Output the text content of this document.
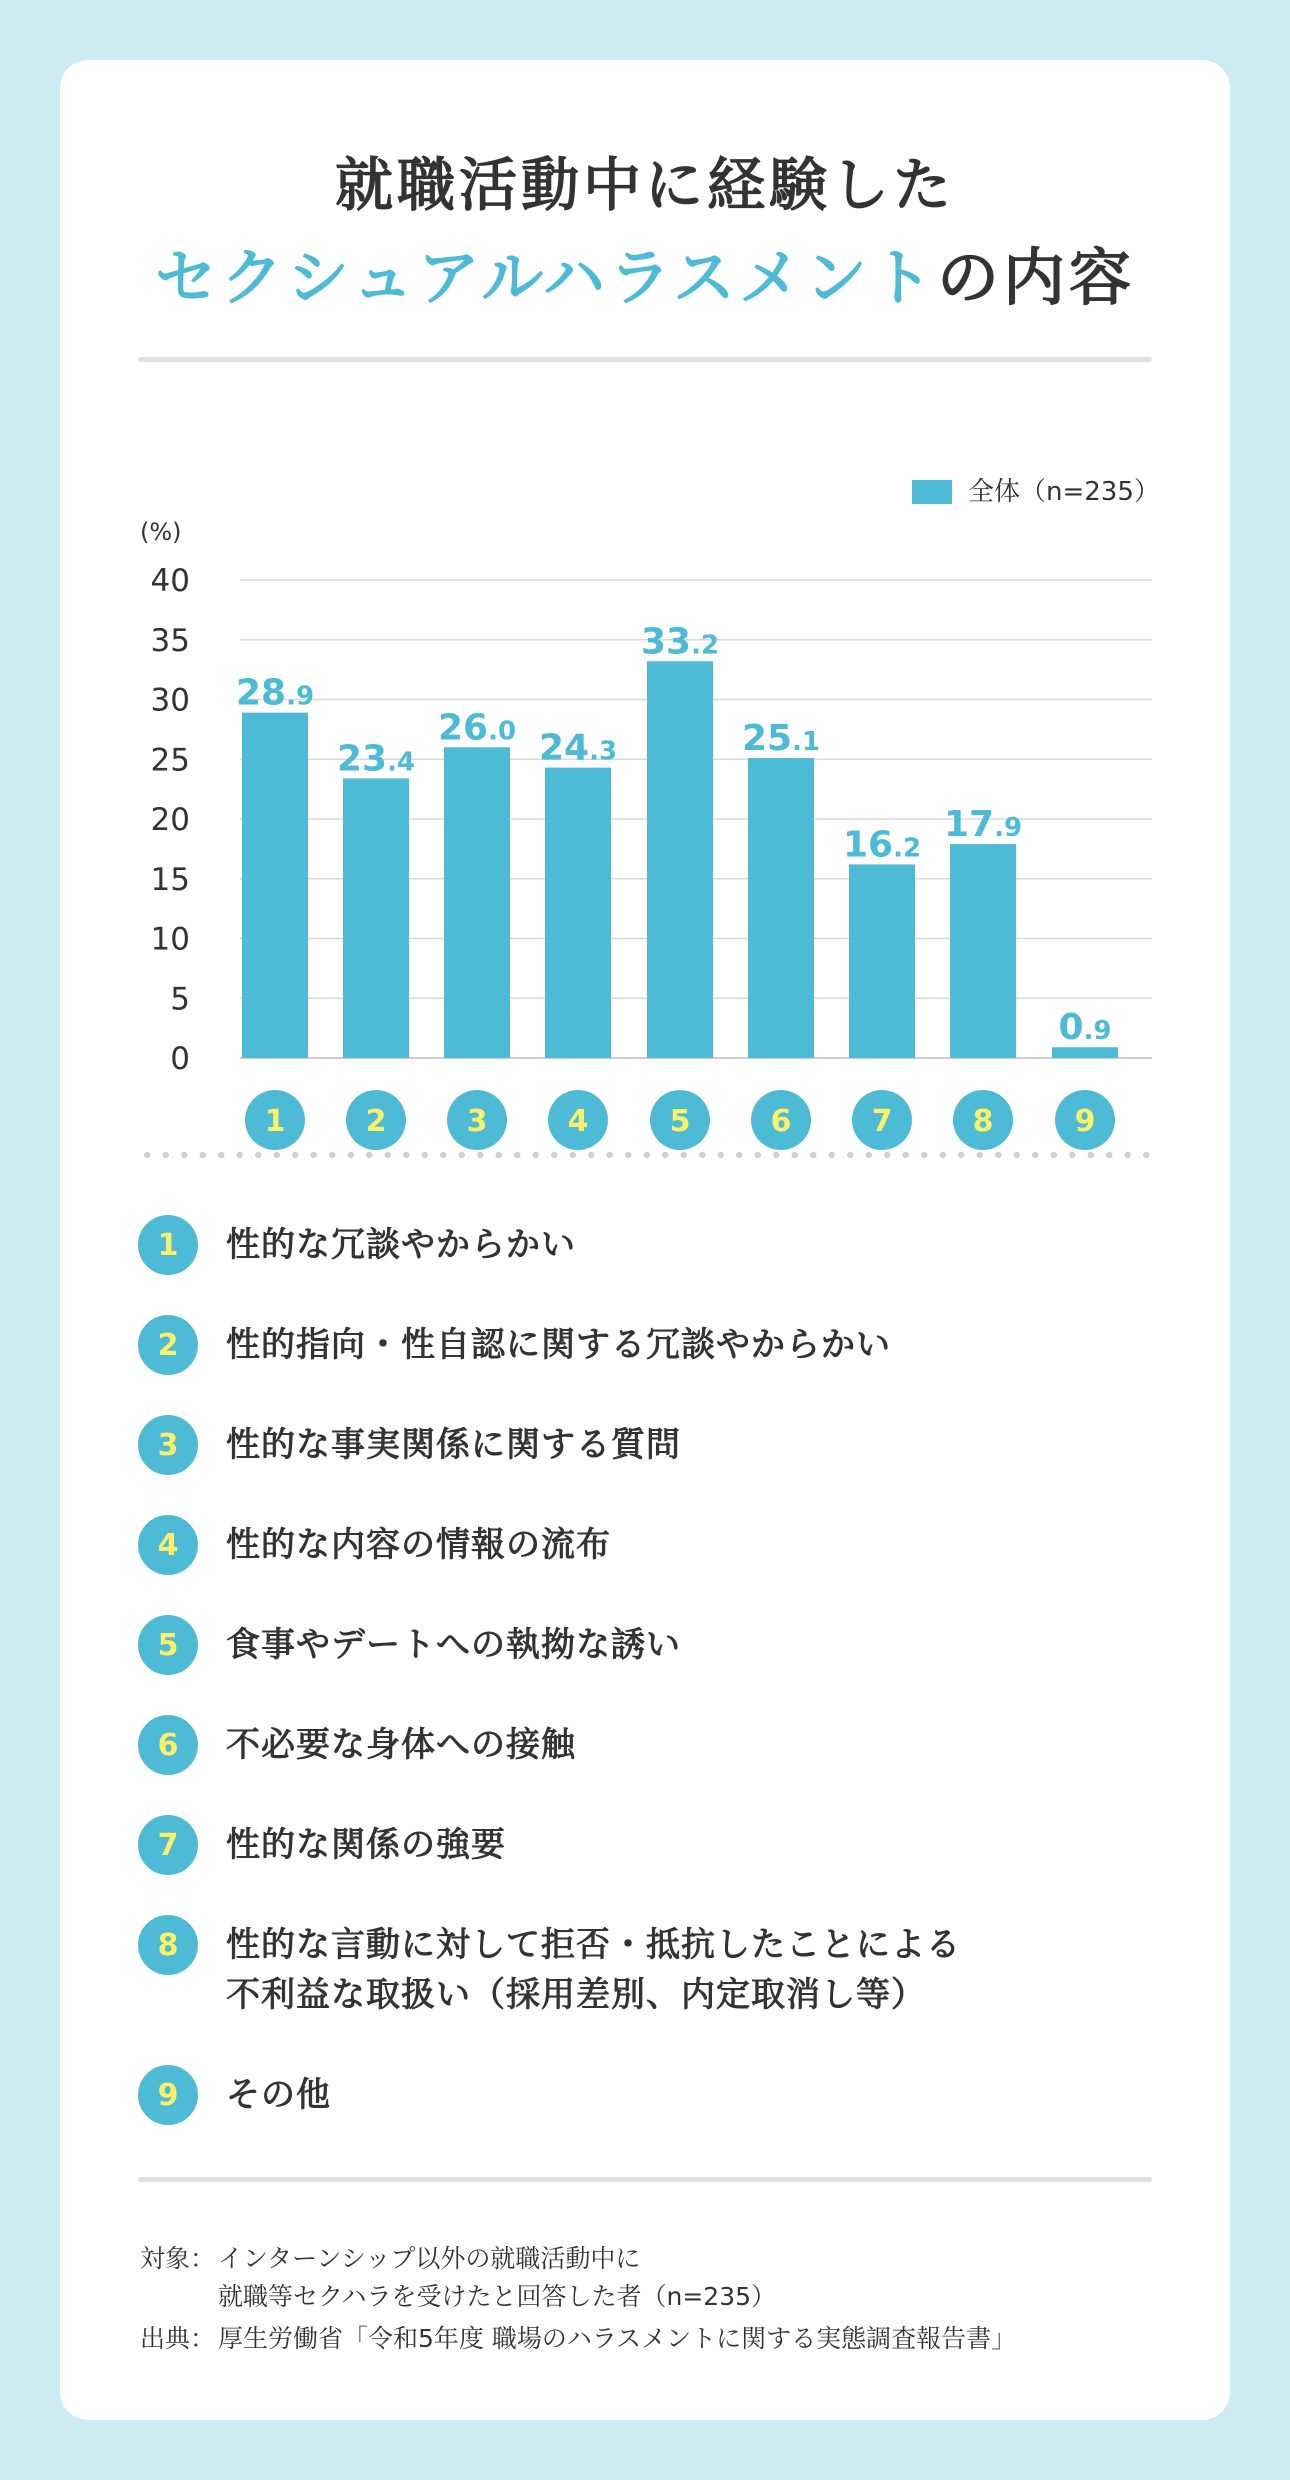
就職活動中に経験した
セクシュアルハラスメントの内容
全体（n=235）
(%)
0
5
10
15
20
25
30
35
40
28.9
1
23.4
2
26.0
3
24.3
4
33.2
5
25.1
6
16.2
7
17.9
8
0.9
9
1	性的な冗談やからかい
2	性的指向・性自認に関する冗談やからかい
3	性的な事実関係に関する質問
4	性的な内容の情報の流布
5	食事やデートへの執拗な誘い
6	不必要な身体への接触
7	性的な関係の強要
8	性的な言動に対して拒否・抵抗したことによる
不利益な取扱い（採用差別、内定取消し等）
9	その他
対象： インターンシップ以外の就職活動中に
就職等セクハラを受けたと回答した者（n=235）
出典： 厚生労働省「令和5年度 職場のハラスメントに関する実態調査報告書」
